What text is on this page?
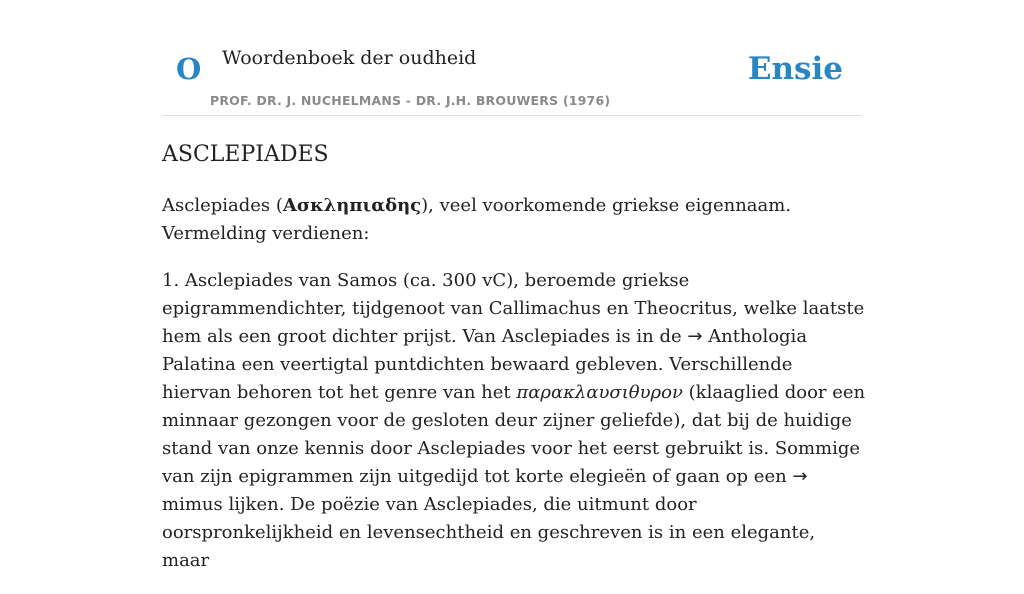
O Woordenboek der oudheid
PROF. DR. J. NUCHELMANS - DR. J.H. BROUWERS (1976)
Ensie
ASCLEPIADES

Asclepiades (Ασκληπιαδης), veel voorkomende griekse eigennaam. Vermelding verdienen:

1. Asclepiades van Samos (ca. 300 vC), beroemde griekse epigrammendichter, tijdgenoot van Callimachus en Theocritus, welke laatste hem als een groot dichter prijst. Van Asclepiades is in de → Anthologia Palatina een veertigtal puntdichten bewaard gebleven. Verschillende hiervan behoren tot het genre van het παρακλαυσιθυρον (klaaglied door een minnaar gezongen voor de gesloten deur zijner geliefde), dat bij de huidige stand van onze kennis door Asclepiades voor het eerst gebruikt is. Sommige van zijn epigrammen zijn uitgedijd tot korte elegieën of gaan op een → mimus lijken. De poëzie van Asclepiades, die uitmunt door oorspronkelijkheid en levensechtheid en geschreven is in een elegante, maar
